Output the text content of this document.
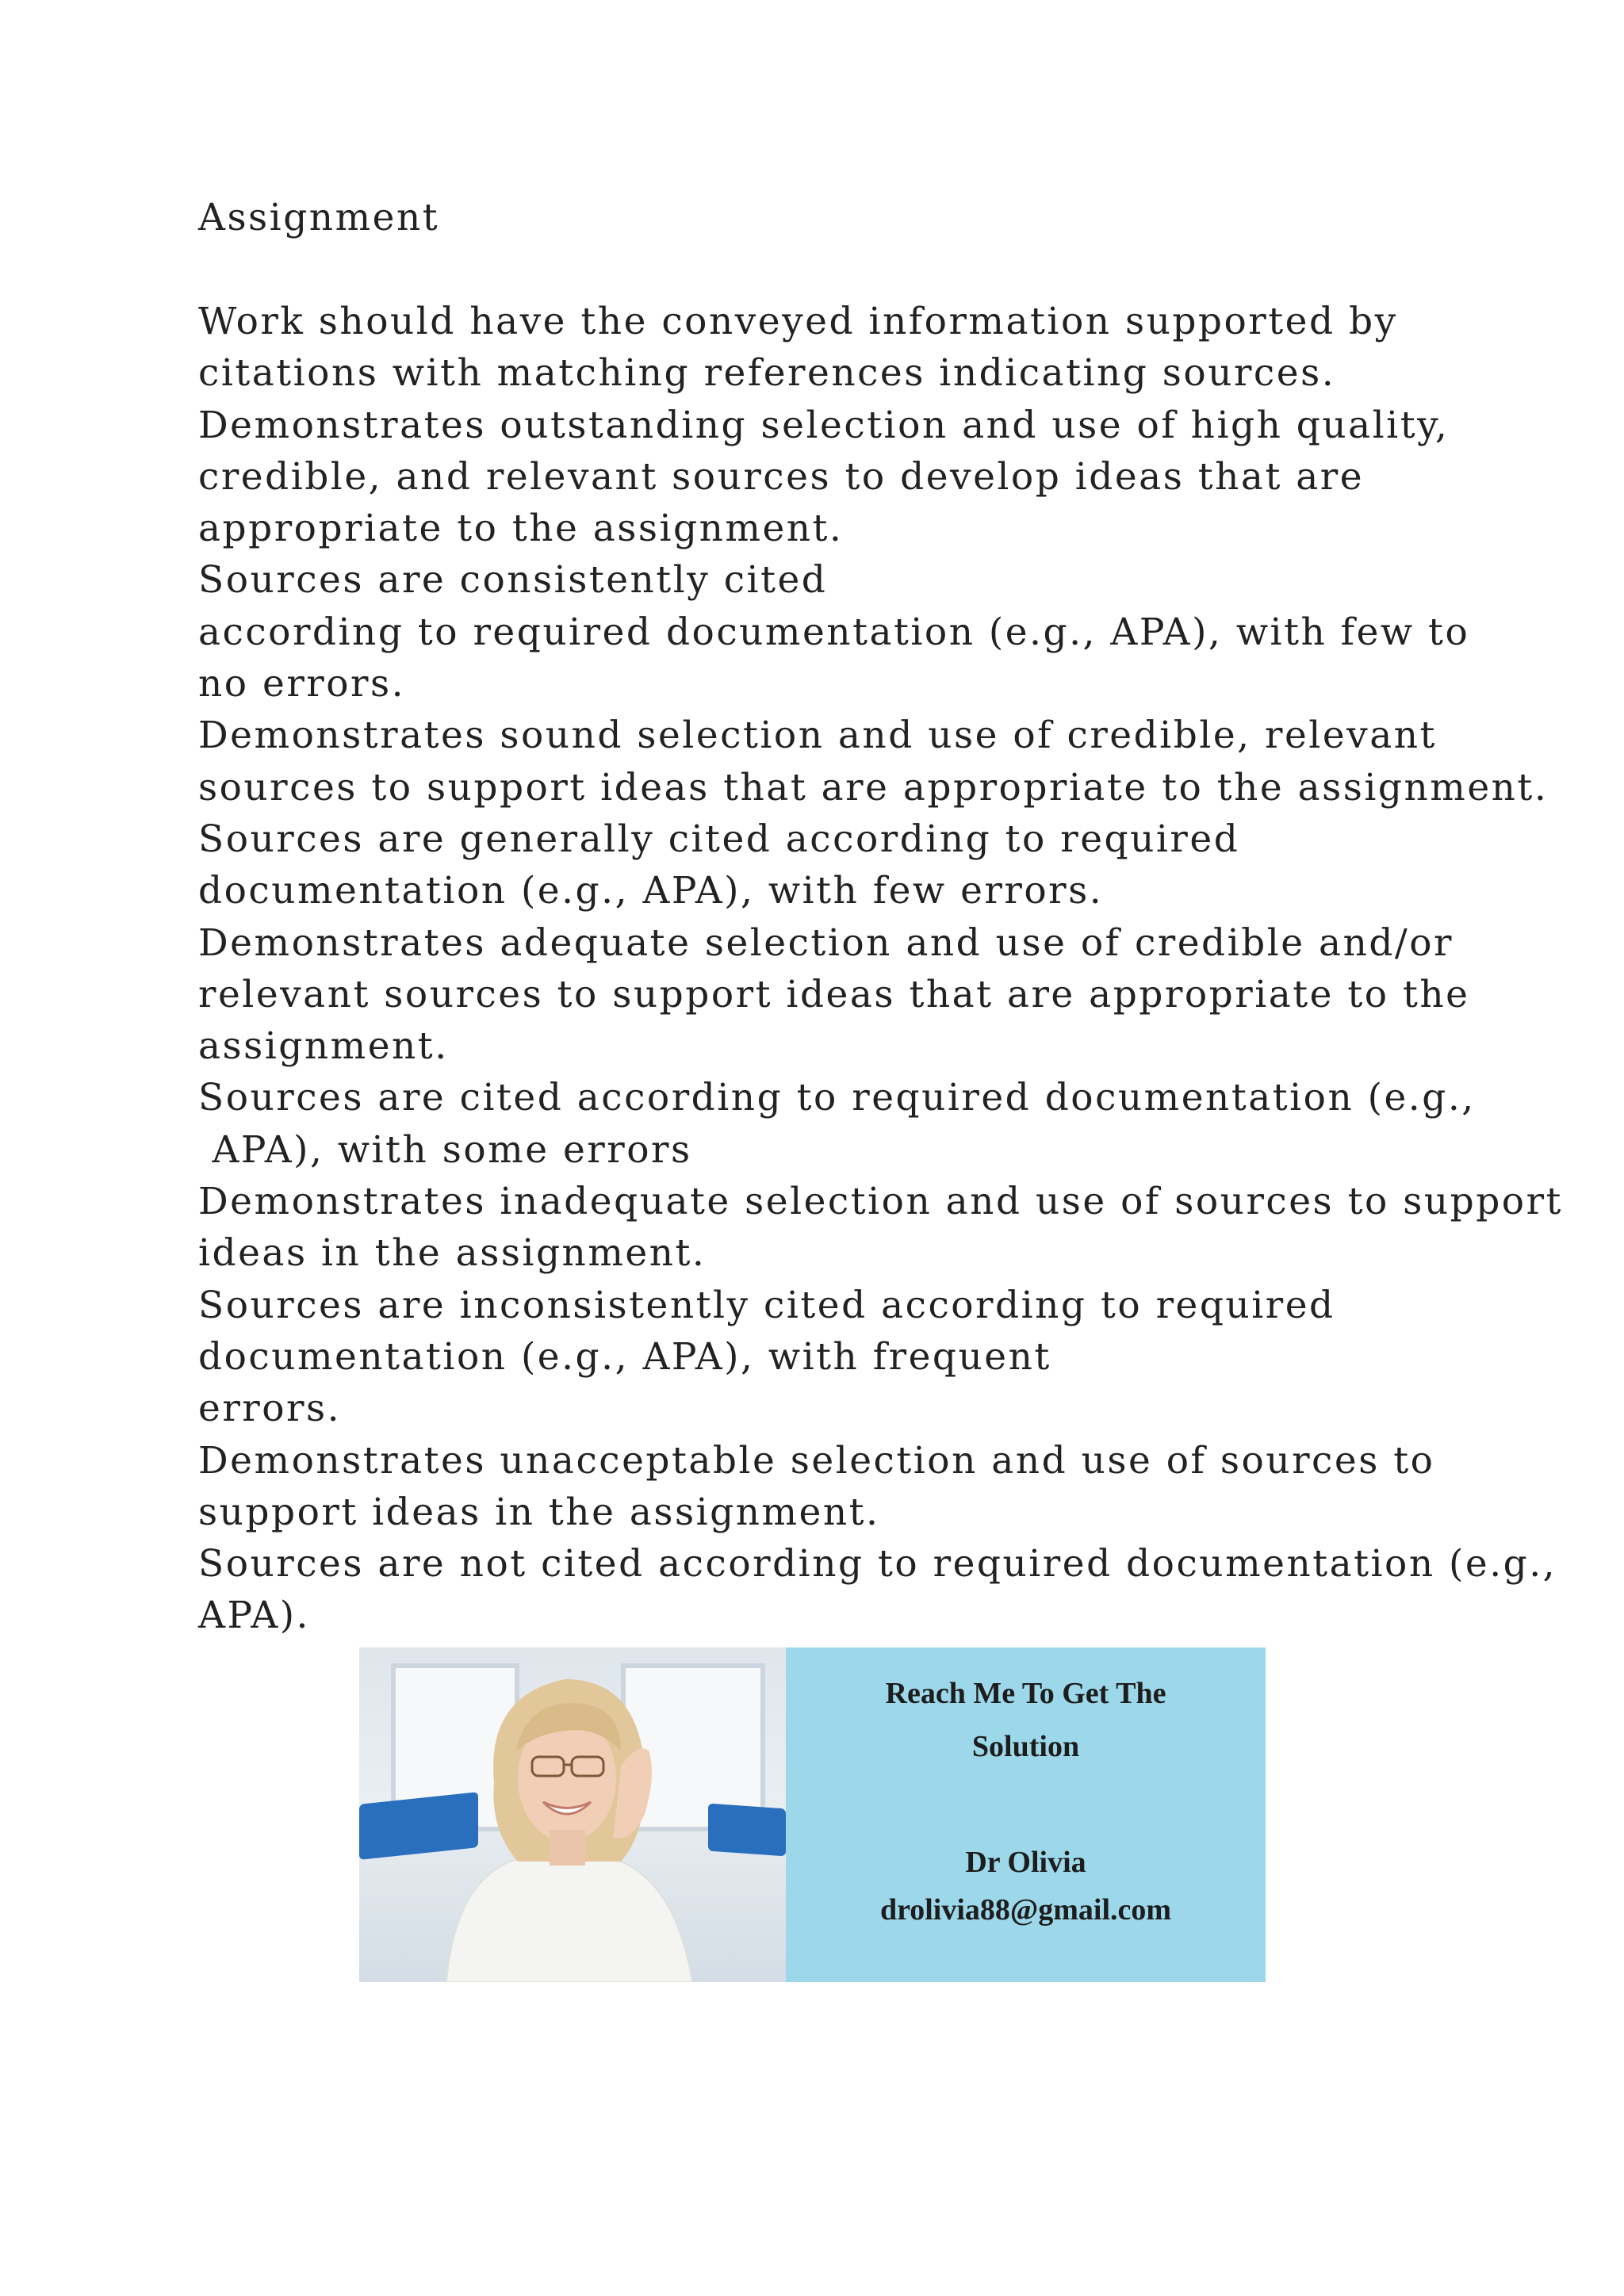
Assignment
Work should have the conveyed information supported by
citations with matching references indicating sources.
Demonstrates outstanding selection and use of high quality,
credible, and relevant sources to develop ideas that are
appropriate to the assignment.
Sources are consistently cited
according to required documentation (e.g., APA), with few to
no errors.
Demonstrates sound selection and use of credible, relevant
sources to support ideas that are appropriate to the assignment.
Sources are generally cited according to required
documentation (e.g., APA), with few errors.
Demonstrates adequate selection and use of credible and/or
relevant sources to support ideas that are appropriate to the
assignment.
Sources are cited according to required documentation (e.g.,
APA), with some errors
Demonstrates inadequate selection and use of sources to support
ideas in the assignment.
Sources are inconsistently cited according to required
documentation (e.g., APA), with frequent
errors.
Demonstrates unacceptable selection and use of sources to
support ideas in the assignment.
Sources are not cited according to required documentation (e.g.,
APA).
Reach Me To Get The
Solution
Dr Olivia
drolivia88@gmail.com
